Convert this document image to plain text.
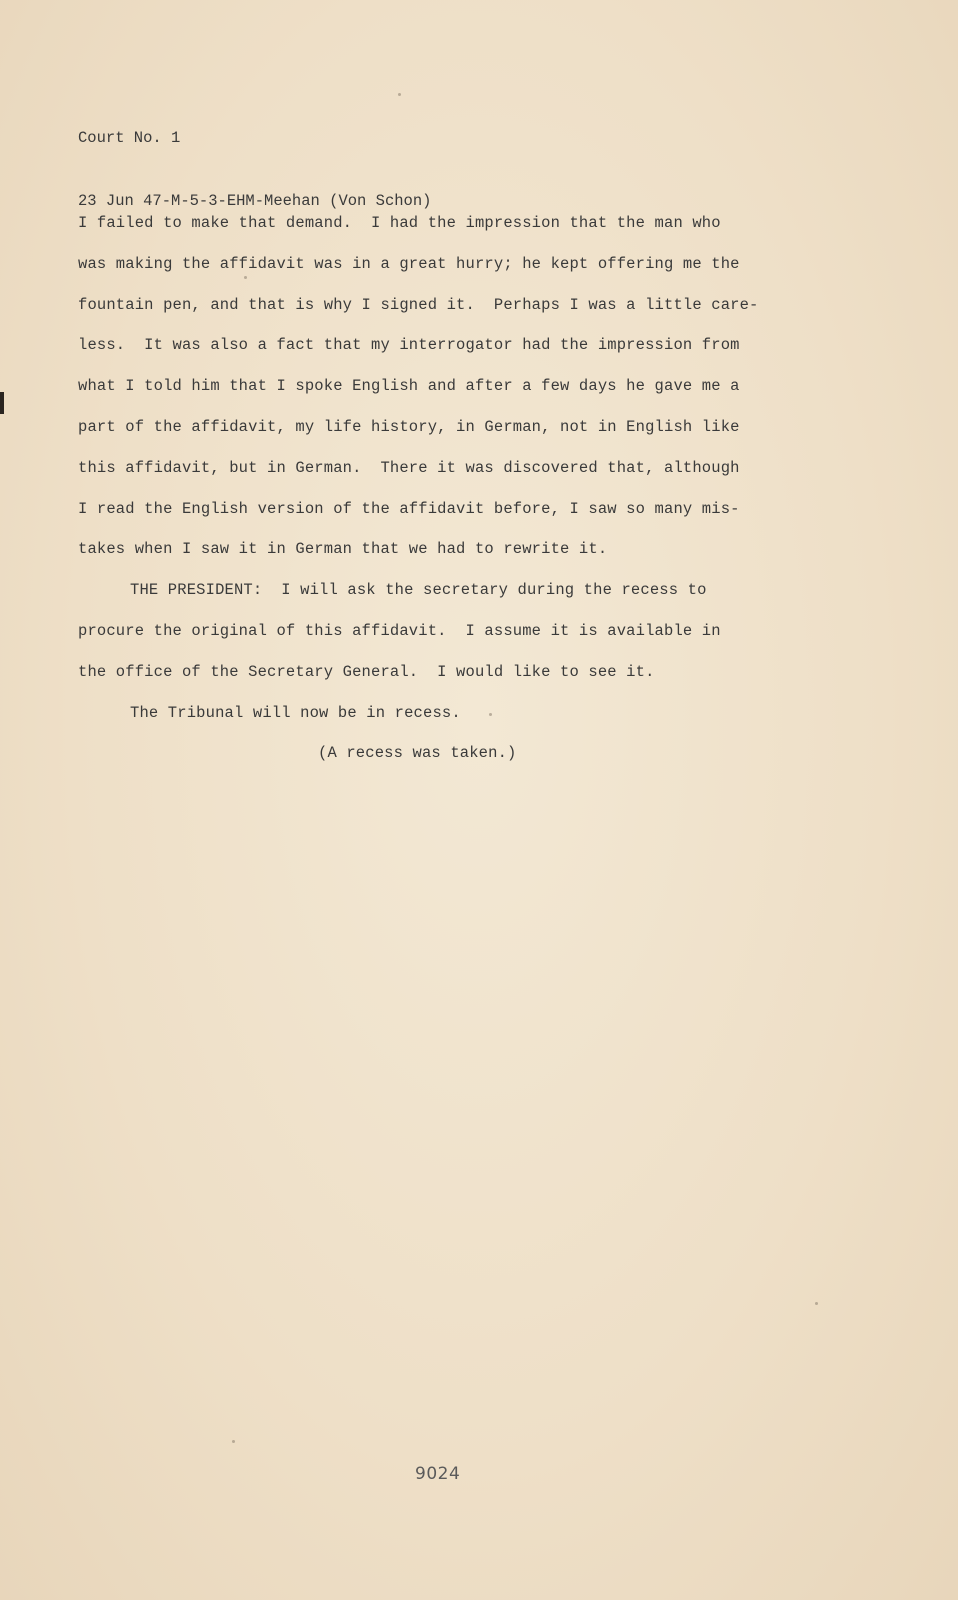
Court No. 1

23 Jun 47-M-5-3-EHM-Meehan (Von Schon)

I failed to make that demand.  I had the impression that the man who
was making the affidavit was in a great hurry; he kept offering me the
fountain pen, and that is why I signed it.  Perhaps I was a little care-
less.  It was also a fact that my interrogator had the impression from
what I told him that I spoke English and after a few days he gave me a
part of the affidavit, my life history, in German, not in English like
this affidavit, but in German.  There it was discovered that, although
I read the English version of the affidavit before, I saw so many mis-
takes when I saw it in German that we had to rewrite it.
THE PRESIDENT:  I will ask the secretary during the recess to
procure the original of this affidavit.  I assume it is available in
the office of the Secretary General.  I would like to see it.
The Tribunal will now be in recess.
(A recess was taken.)
9024
